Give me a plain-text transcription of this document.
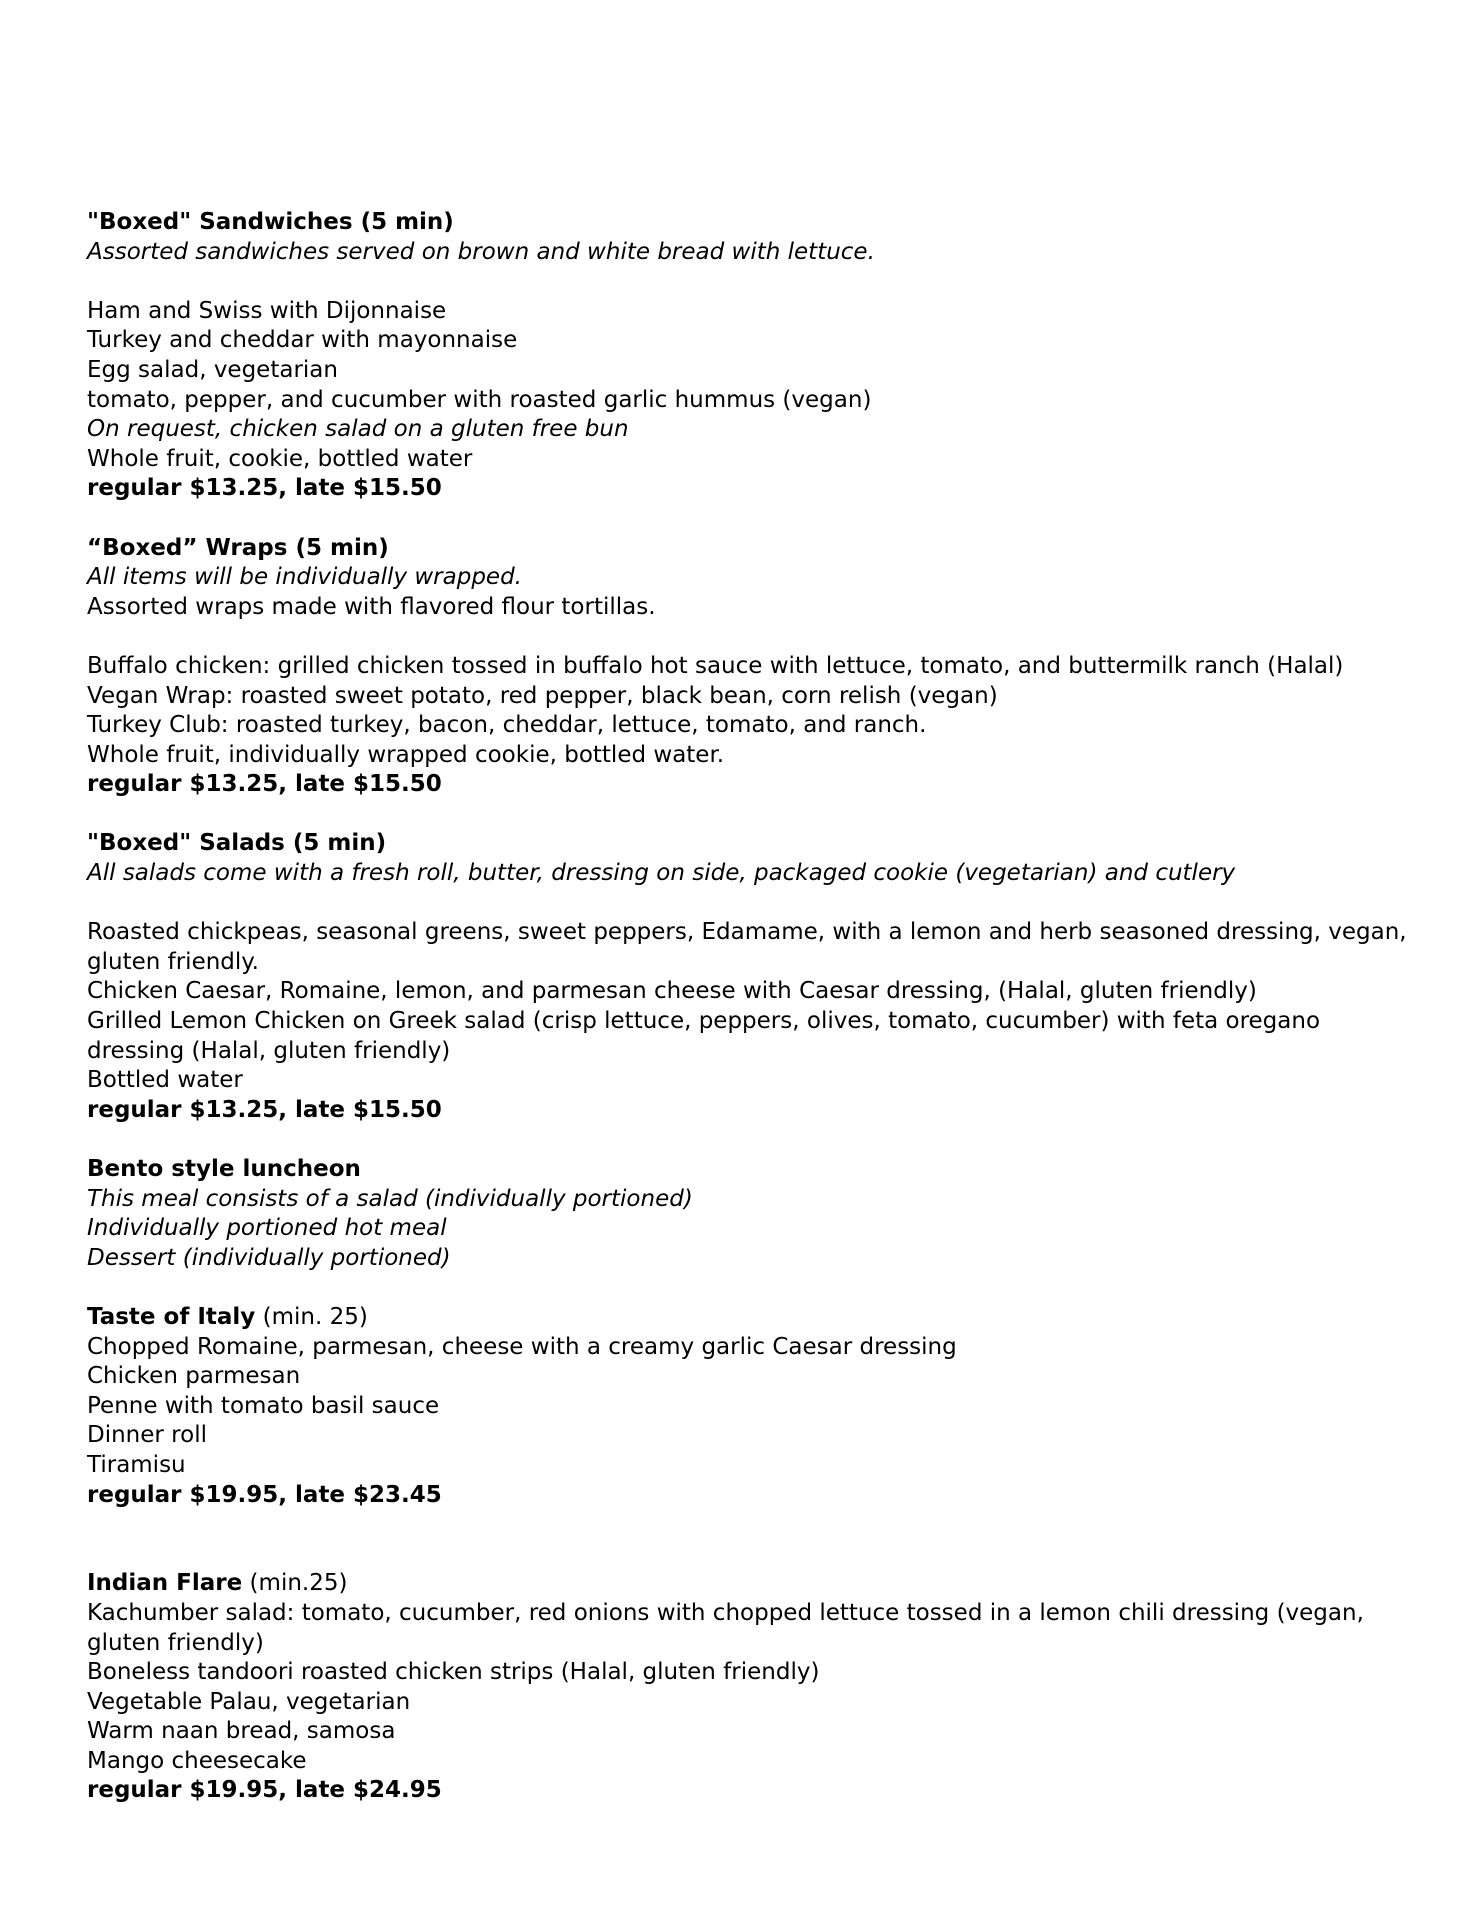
"Boxed" Sandwiches (5 min)
Assorted sandwiches served on brown and white bread with lettuce.
Ham and Swiss with Dijonnaise
Turkey and cheddar with mayonnaise
Egg salad, vegetarian
tomato, pepper, and cucumber with roasted garlic hummus (vegan)
On request, chicken salad on a gluten free bun
Whole fruit, cookie, bottled water
regular $13.25, late $15.50
“Boxed” Wraps (5 min)
All items will be individually wrapped.
Assorted wraps made with flavored flour tortillas.
Buffalo chicken: grilled chicken tossed in buffalo hot sauce with lettuce, tomato, and buttermilk ranch (Halal)
Vegan Wrap: roasted sweet potato, red pepper, black bean, corn relish (vegan)
Turkey Club: roasted turkey, bacon, cheddar, lettuce, tomato, and ranch.
Whole fruit, individually wrapped cookie, bottled water.
regular $13.25, late $15.50
"Boxed" Salads (5 min)
All salads come with a fresh roll, butter, dressing on side, packaged cookie (vegetarian) and cutlery
Roasted chickpeas, seasonal greens, sweet peppers, Edamame, with a lemon and herb seasoned dressing, vegan, gluten friendly.
Chicken Caesar, Romaine, lemon, and parmesan cheese with Caesar dressing, (Halal, gluten friendly)
Grilled Lemon Chicken on Greek salad (crisp lettuce, peppers, olives, tomato, cucumber) with feta oregano dressing (Halal, gluten friendly)
Bottled water
regular $13.25, late $15.50
Bento style luncheon
This meal consists of a salad (individually portioned)
Individually portioned hot meal
Dessert (individually portioned)
Taste of Italy (min. 25)
Chopped Romaine, parmesan, cheese with a creamy garlic Caesar dressing
Chicken parmesan
Penne with tomato basil sauce
Dinner roll
Tiramisu
regular $19.95, late $23.45
Indian Flare (min.25)
Kachumber salad: tomato, cucumber, red onions with chopped lettuce tossed in a lemon chili dressing (vegan, gluten friendly)
Boneless tandoori roasted chicken strips (Halal, gluten friendly)
Vegetable Palau, vegetarian
Warm naan bread, samosa
Mango cheesecake
regular $19.95, late $24.95
